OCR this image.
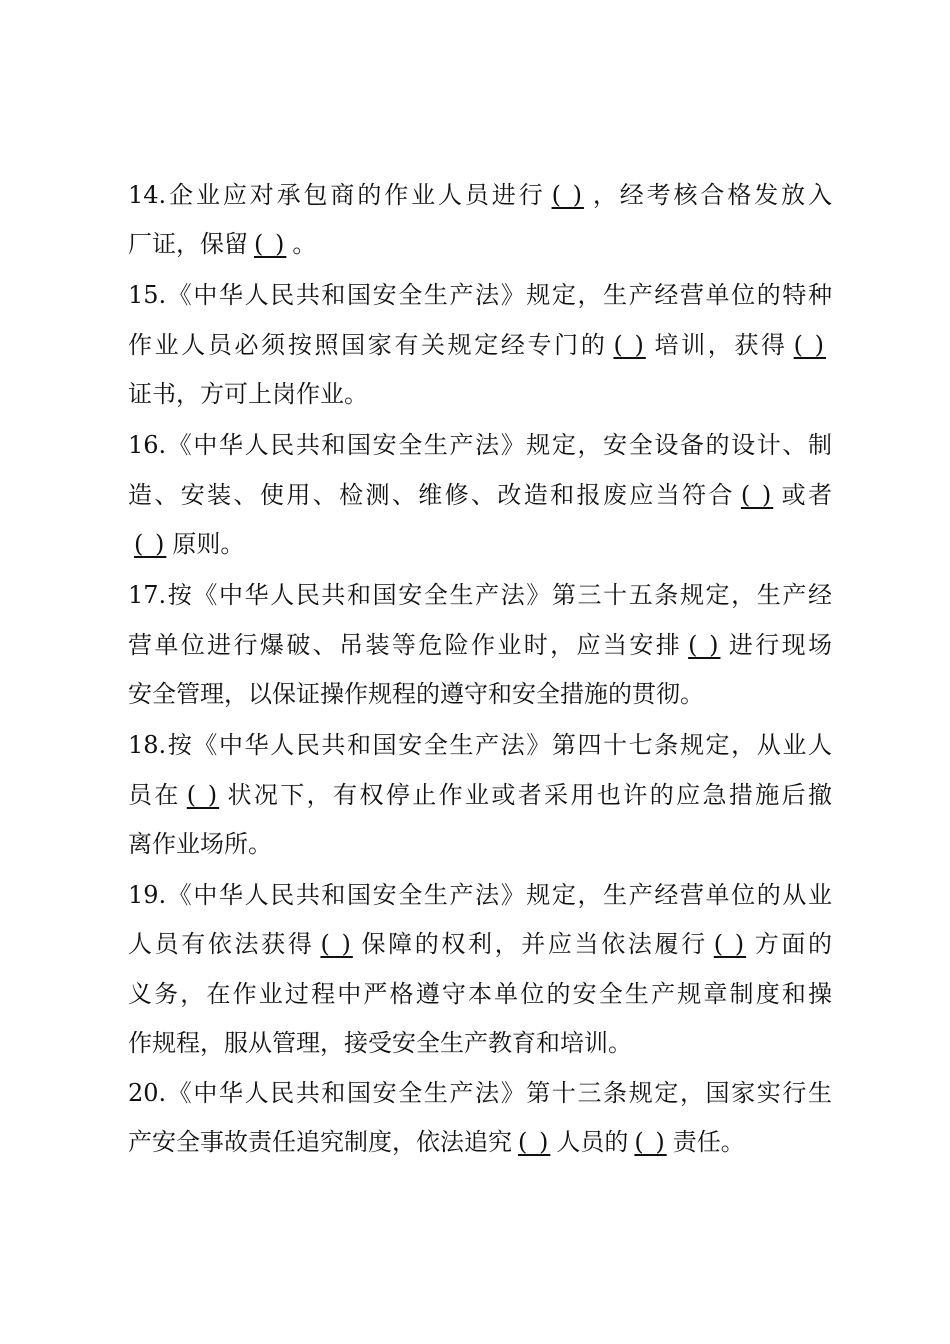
14.企业应对承包商的作业人员进行 ( ) ，经考核合格发放入
厂证，保留 ( ) 。
15.《中华人民共和国安全生产法》规定，生产经营单位的特种
作业人员必须按照国家有关规定经专门的 ( ) 培训，获得 ( )
证书，方可上岗作业。
16.《中华人民共和国安全生产法》规定，安全设备的设计、制
造、安装、使用、检测、维修、改造和报废应当符合 ( ) 或者
( ) 原则。
17.按《中华人民共和国安全生产法》第三十五条规定，生产经
营单位进行爆破、吊装等危险作业时，应当安排 ( ) 进行现场
安全管理，以保证操作规程的遵守和安全措施的贯彻。
18.按《中华人民共和国安全生产法》第四十七条规定，从业人
员在 ( ) 状况下，有权停止作业或者采用也许的应急措施后撤
离作业场所。
19.《中华人民共和国安全生产法》规定，生产经营单位的从业
人员有依法获得 ( ) 保障的权利，并应当依法履行 ( ) 方面的
义务，在作业过程中严格遵守本单位的安全生产规章制度和操
作规程，服从管理，接受安全生产教育和培训。
20.《中华人民共和国安全生产法》第十三条规定，国家实行生
产安全事故责任追究制度，依法追究 ( ) 人员的 ( ) 责任。
